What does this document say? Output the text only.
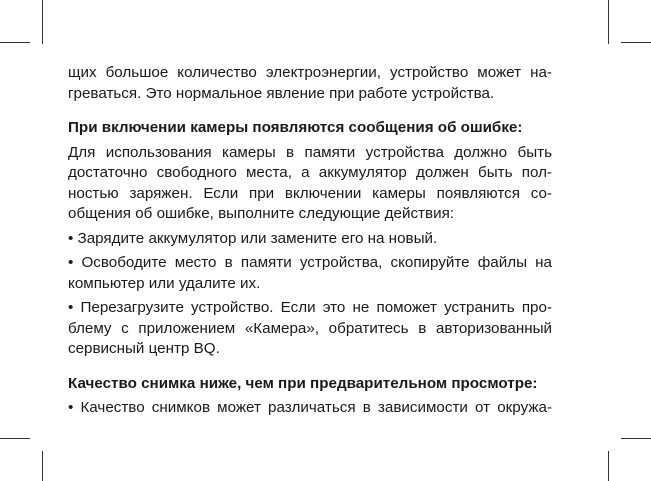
щих большое количество электроэнергии, устройство может на-
греваться. Это нормальное явление при работе устройства.
При включении камеры появляются сообщения об ошибке:
Для использования камеры в памяти устройства должно быть
достаточно свободного места, а аккумулятор должен быть пол-
ностью заряжен. Если при включении камеры появляются со-
общения об ошибке, выполните следующие действия:
• Зарядите аккумулятор или замените его на новый.
• Освободите место в памяти устройства, скопируйте файлы на
компьютер или удалите их.
• Перезагрузите устройство. Если это не поможет устранить про-
блему с приложением «Камера», обратитесь в авторизованный
сервисный центр BQ.
Качество снимка ниже, чем при предварительном просмотре:
• Качество снимков может различаться в зависимости от окружа-
